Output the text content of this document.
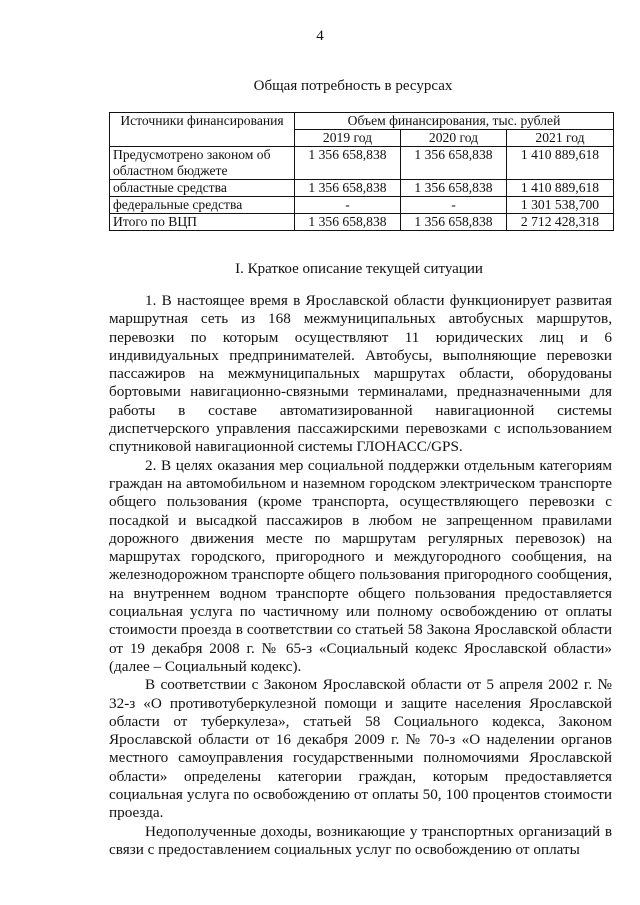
4
Общая потребность в ресурсах
Источники финансирования	Объем финансирования, тыс. рублей		
	2019 год	2020 год	2021 год
Предусмотрено законом об областном бюджете	1 356 658,838	1 356 658,838	1 410 889,618
областные средства	1 356 658,838	1 356 658,838	1 410 889,618
федеральные средства	-	-	1 301 538,700
Итого по ВЦП	1 356 658,838	1 356 658,838	2 712 428,318
I. Краткое описание текущей ситуации

1. В настоящее время в Ярославской области функционирует развитая маршрутная сеть из 168 межмуниципальных автобусных маршрутов, перевозки по которым осуществляют 11 юридических лиц и 6 индивидуальных предпринимателей. Автобусы, выполняющие перевозки пассажиров на межмуниципальных маршрутах области, оборудованы бортовыми навигационно-связными терминалами, предназначенными для работы в составе автоматизированной навигационной системы диспетчерского управления пассажирскими перевозками с использованием спутниковой навигационной системы ГЛОНАСС/GPS.

2. В целях оказания мер социальной поддержки отдельным категориям граждан на автомобильном и наземном городском электрическом транспорте общего пользования (кроме транспорта, осуществляющего перевозки с посадкой и высадкой пассажиров в любом не запрещенном правилами дорожного движения месте по маршрутам регулярных перевозок) на маршрутах городского, пригородного и междугородного сообщения, на железнодорожном транспорте общего пользования пригородного сообщения, на внутреннем водном транспорте общего пользования предоставляется социальная услуга по частичному или полному освобождению от оплаты стоимости проезда в соответствии со статьей 58 Закона Ярославской области от 19 декабря 2008 г. № 65-з «Социальный кодекс Ярославской области» (далее – Социальный кодекс).

В соответствии с Законом Ярославской области от 5 апреля 2002 г. № 32-з «О противотуберкулезной помощи и защите населения Ярославской области от туберкулеза», статьей 58 Социального кодекса, Законом Ярославской области от 16 декабря 2009 г. № 70-з «О наделении органов местного самоуправления государственными полномочиями Ярославской области» определены категории граждан, которым предоставляется социальная услуга по освобождению от оплаты 50, 100 процентов стоимости проезда.

Недополученные доходы, возникающие у транспортных организаций в связи с предоставлением социальных услуг по освобождению от оплаты
